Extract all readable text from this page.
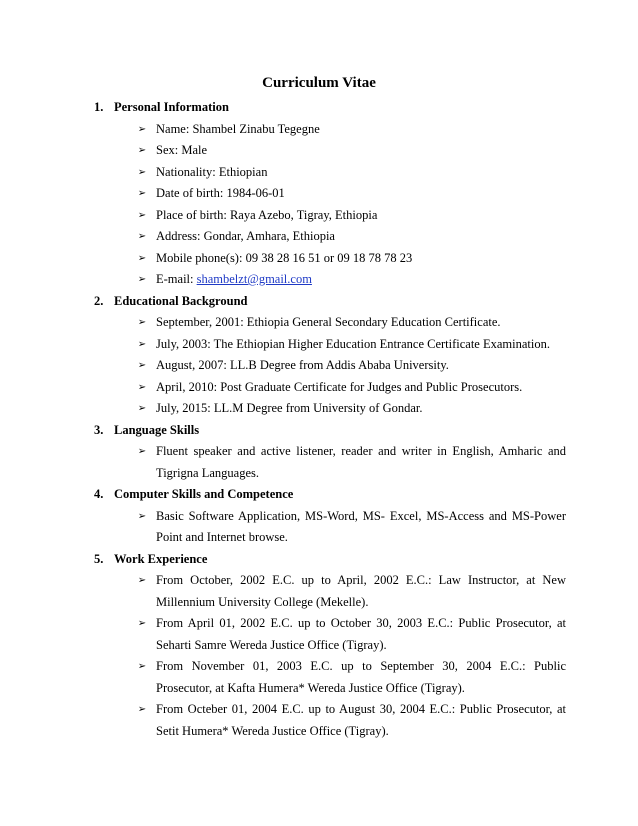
Curriculum Vitae
1. Personal Information
➢ Name: Shambel Zinabu Tegegne
➢ Sex: Male
➢ Nationality: Ethiopian
➢ Date of birth: 1984-06-01
➢ Place of birth: Raya Azebo, Tigray, Ethiopia
➢ Address: Gondar, Amhara, Ethiopia
➢ Mobile phone(s): 09 38 28 16 51 or 09 18 78 78 23
➢ E-mail: shambelzt@gmail.com
2. Educational Background
➢ September, 2001: Ethiopia General Secondary Education Certificate.
➢ July, 2003: The Ethiopian Higher Education Entrance Certificate Examination.
➢ August, 2007: LL.B Degree from Addis Ababa University.
➢ April, 2010: Post Graduate Certificate for Judges and Public Prosecutors.
➢ July, 2015: LL.M Degree from University of Gondar.
3. Language Skills
➢ Fluent speaker and active listener, reader and writer in English, Amharic and Tigrigna Languages.
4. Computer Skills and Competence
➢ Basic Software Application, MS-Word, MS- Excel, MS-Access and MS-Power Point and Internet browse.
5. Work Experience
➢ From October, 2002 E.C. up to April, 2002 E.C.: Law Instructor, at New Millennium University College (Mekelle).
➢ From April 01, 2002 E.C. up to October 30, 2003 E.C.: Public Prosecutor, at Seharti Samre Wereda Justice Office (Tigray).
➢ From November 01, 2003 E.C. up to September 30, 2004 E.C.: Public Prosecutor, at Kafta Humera* Wereda Justice Office (Tigray).
➢ From Octeber 01, 2004 E.C. up to August 30, 2004 E.C.: Public Prosecutor, at Setit Humera* Wereda Justice Office (Tigray).
